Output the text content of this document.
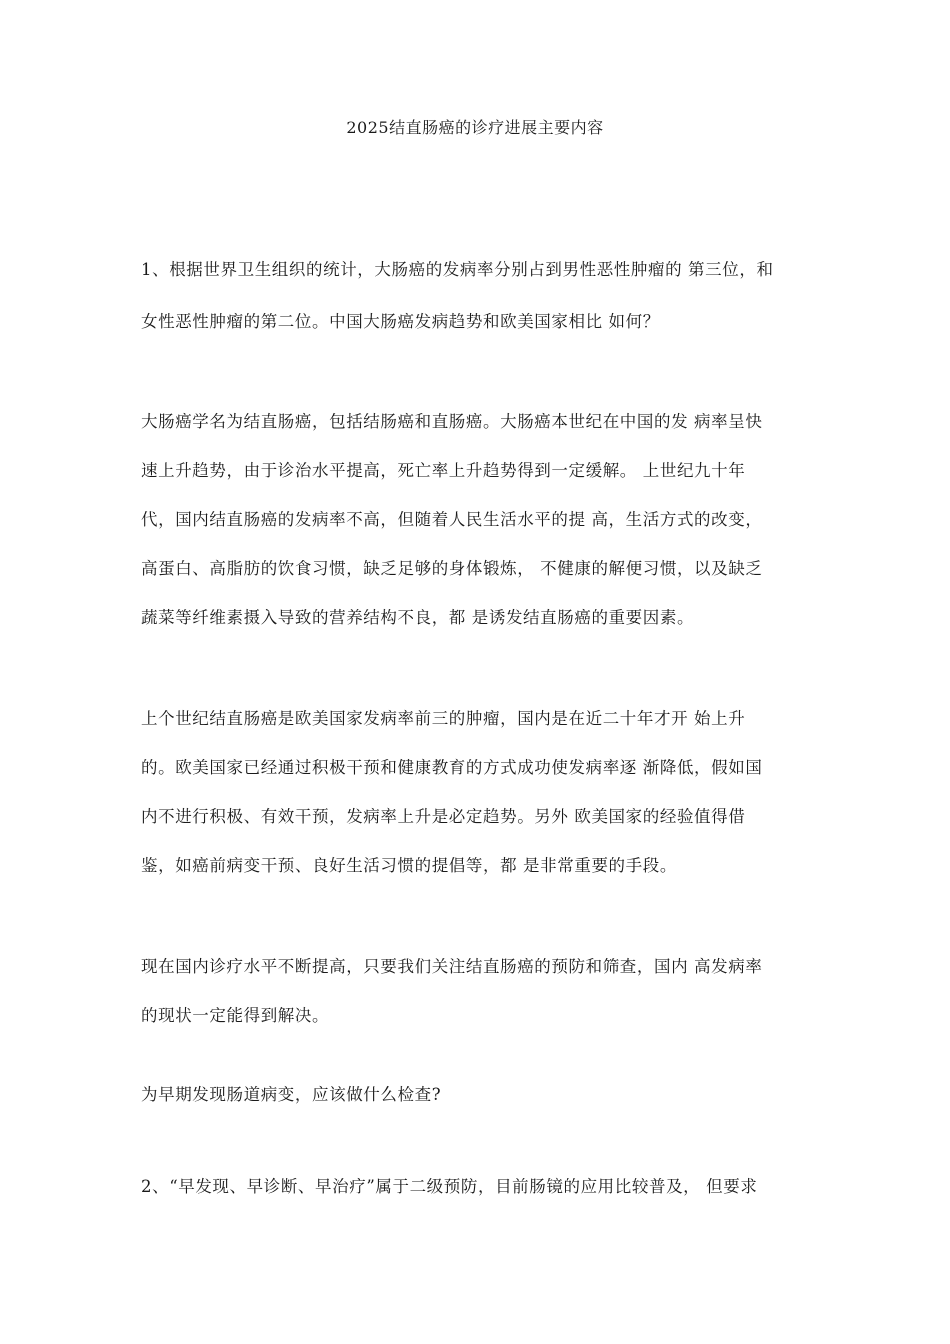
2025结直肠癌的诊疗进展主要内容
1、根据世界卫生组织的统计，大肠癌的发病率分别占到男性恶性肿瘤的 第三位，和
女性恶性肿瘤的第二位。中国大肠癌发病趋势和欧美国家相比 如何？
大肠癌学名为结直肠癌，包括结肠癌和直肠癌。大肠癌本世纪在中国的发 病率呈快
速上升趋势，由于诊治水平提高，死亡率上升趋势得到一定缓解。 上世纪九十年
代，国内结直肠癌的发病率不高，但随着人民生活水平的提 高，生活方式的改变，
高蛋白、高脂肪的饮食习惯，缺乏足够的身体锻炼， 不健康的解便习惯，以及缺乏
蔬菜等纤维素摄入导致的营养结构不良，都 是诱发结直肠癌的重要因素。
上个世纪结直肠癌是欧美国家发病率前三的肿瘤，国内是在近二十年才开 始上升
的。欧美国家已经通过积极干预和健康教育的方式成功使发病率逐 渐降低，假如国
内不进行积极、有效干预，发病率上升是必定趋势。另外 欧美国家的经验值得借
鉴，如癌前病变干预、良好生活习惯的提倡等，都 是非常重要的手段。
现在国内诊疗水平不断提高，只要我们关注结直肠癌的预防和筛查，国内 高发病率
的现状一定能得到解决。
为早期发现肠道病变，应该做什么检查?
2、“早发现、早诊断、早治疗”属于二级预防，目前肠镜的应用比较普及， 但要求
